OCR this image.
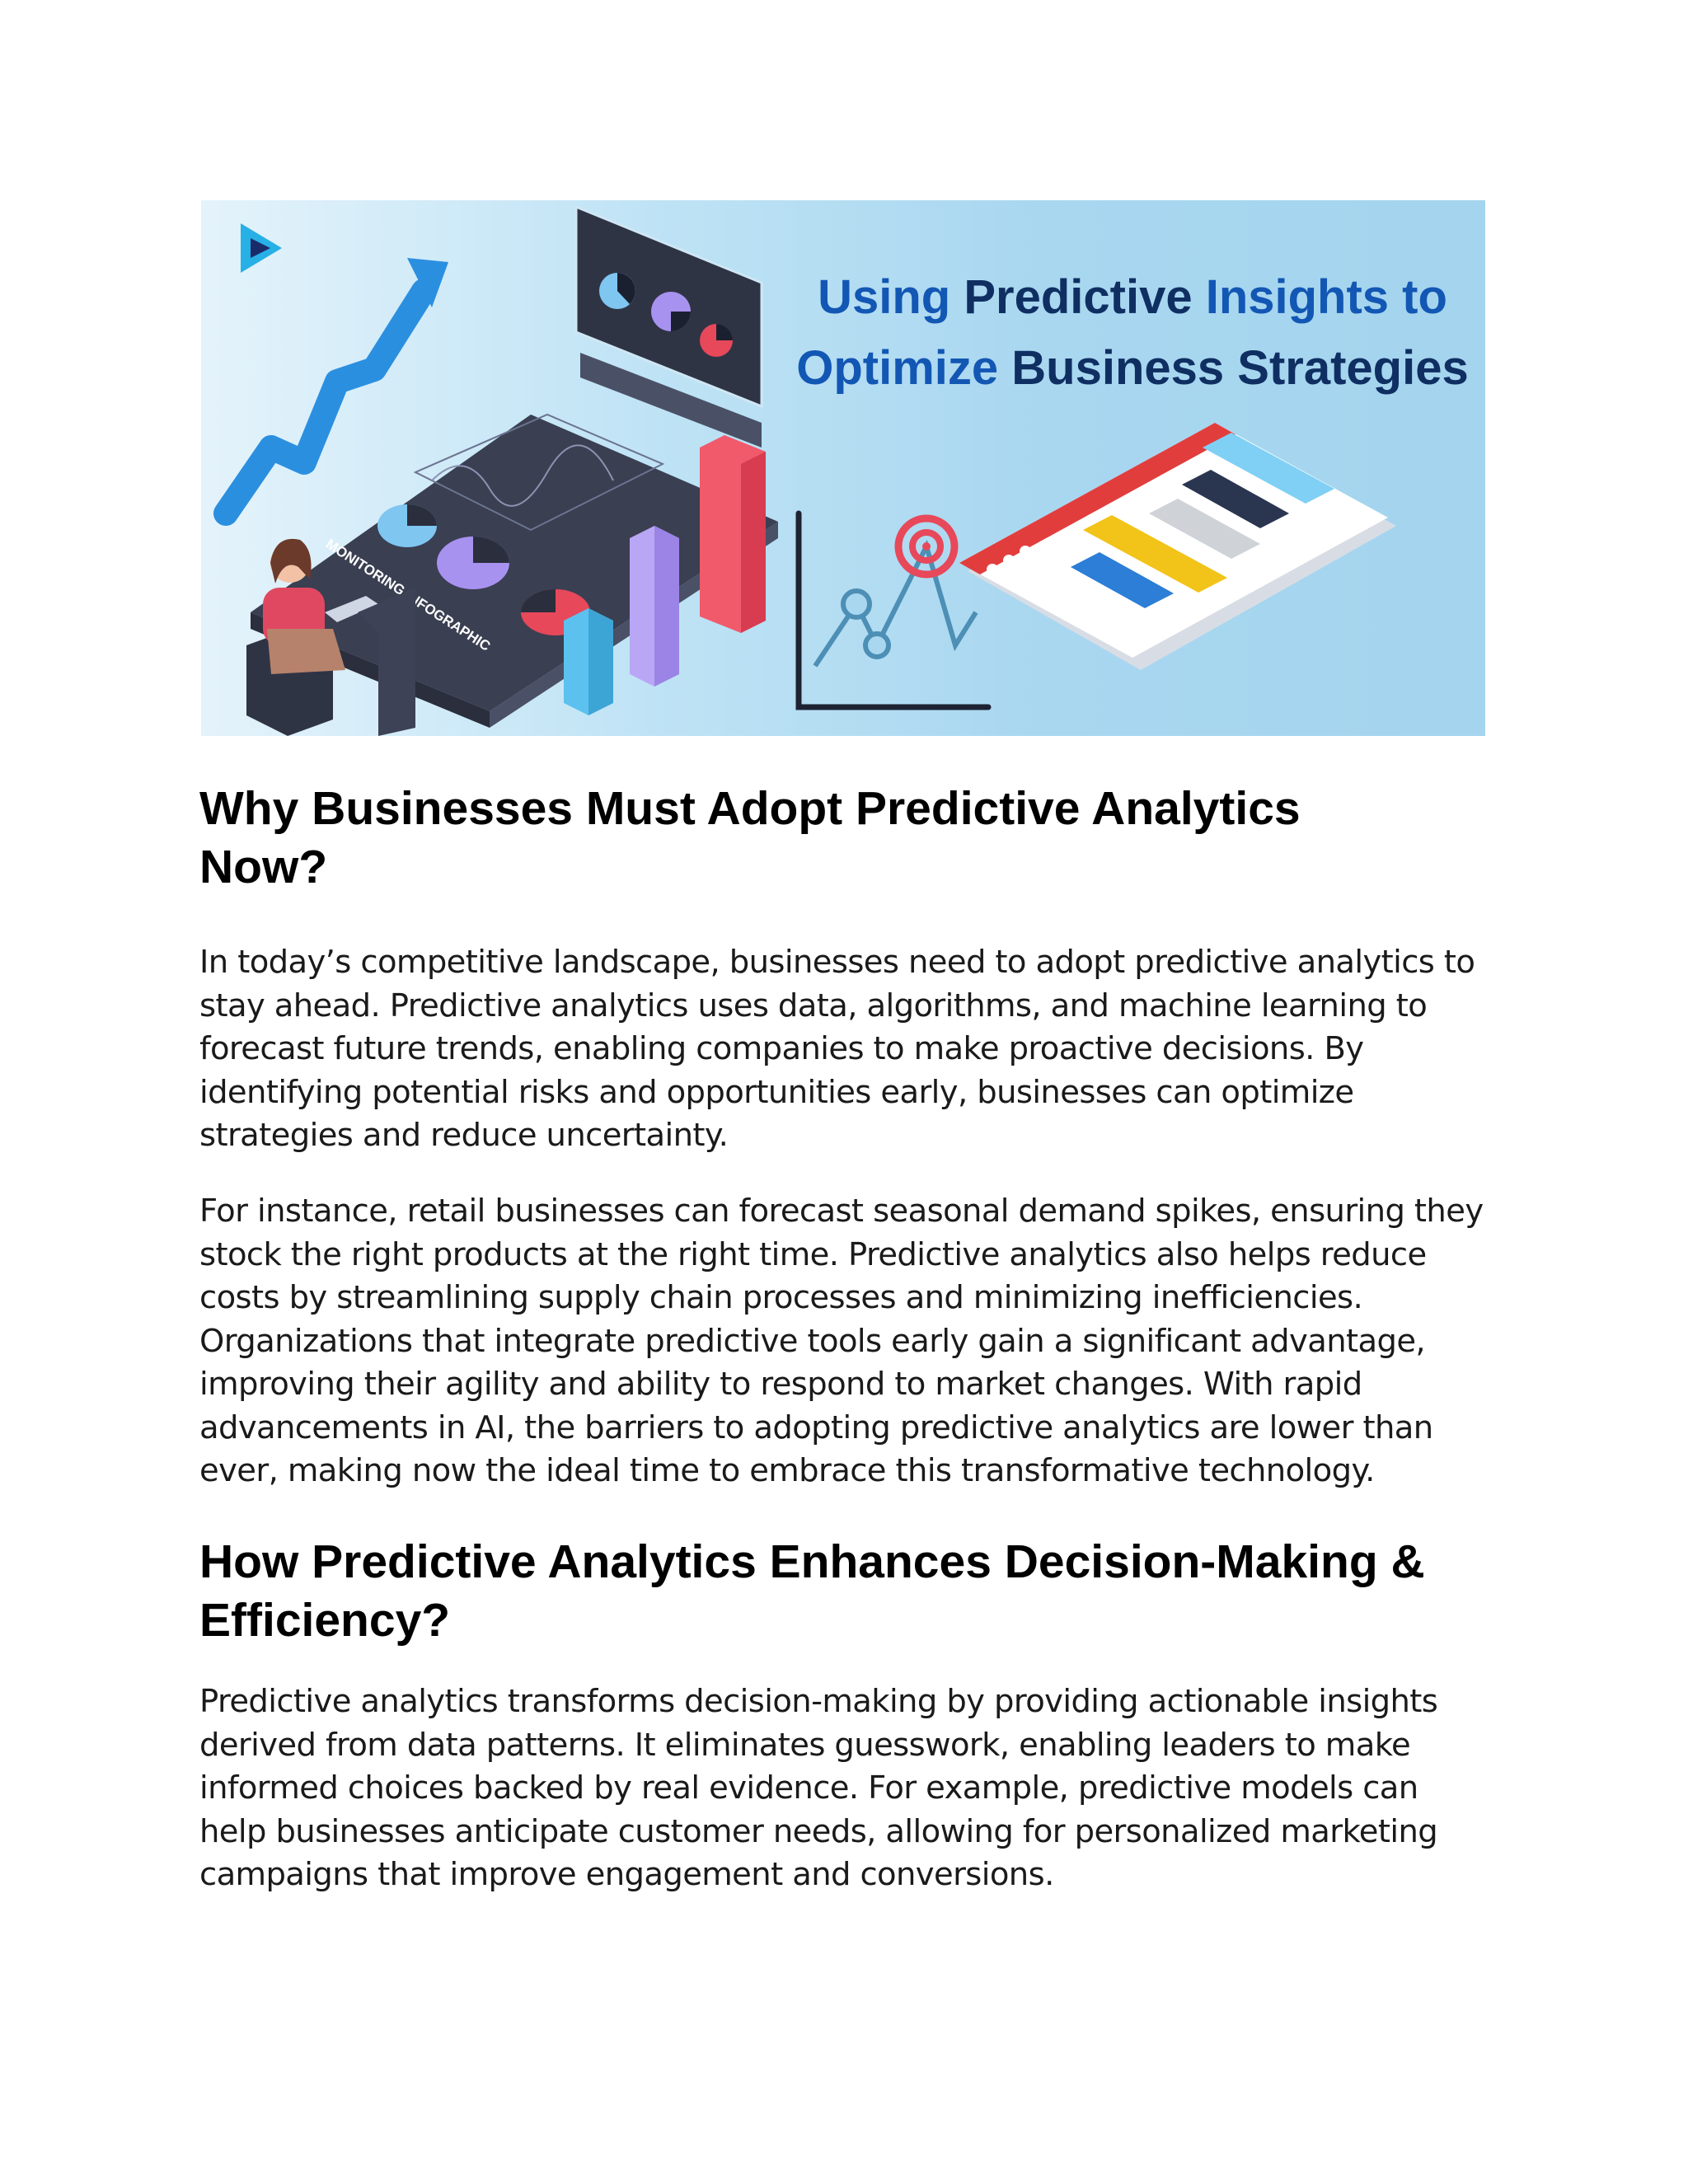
MONITORING INFOGRAPHIC
Using Predictive Insights to
Optimize Business Strategies
Why Businesses Must Adopt Predictive Analytics
Now?

In today’s competitive landscape, businesses need to adopt predictive analytics to
stay ahead. Predictive analytics uses data, algorithms, and machine learning to
forecast future trends, enabling companies to make proactive decisions. By
identifying potential risks and opportunities early, businesses can optimize
strategies and reduce uncertainty.

For instance, retail businesses can forecast seasonal demand spikes, ensuring they
stock the right products at the right time. Predictive analytics also helps reduce
costs by streamlining supply chain processes and minimizing inefficiencies.
Organizations that integrate predictive tools early gain a significant advantage,
improving their agility and ability to respond to market changes. With rapid
advancements in AI, the barriers to adopting predictive analytics are lower than
ever, making now the ideal time to embrace this transformative technology.

How Predictive Analytics Enhances Decision-Making &
Efficiency?

Predictive analytics transforms decision-making by providing actionable insights
derived from data patterns. It eliminates guesswork, enabling leaders to make
informed choices backed by real evidence. For example, predictive models can
help businesses anticipate customer needs, allowing for personalized marketing
campaigns that improve engagement and conversions.
